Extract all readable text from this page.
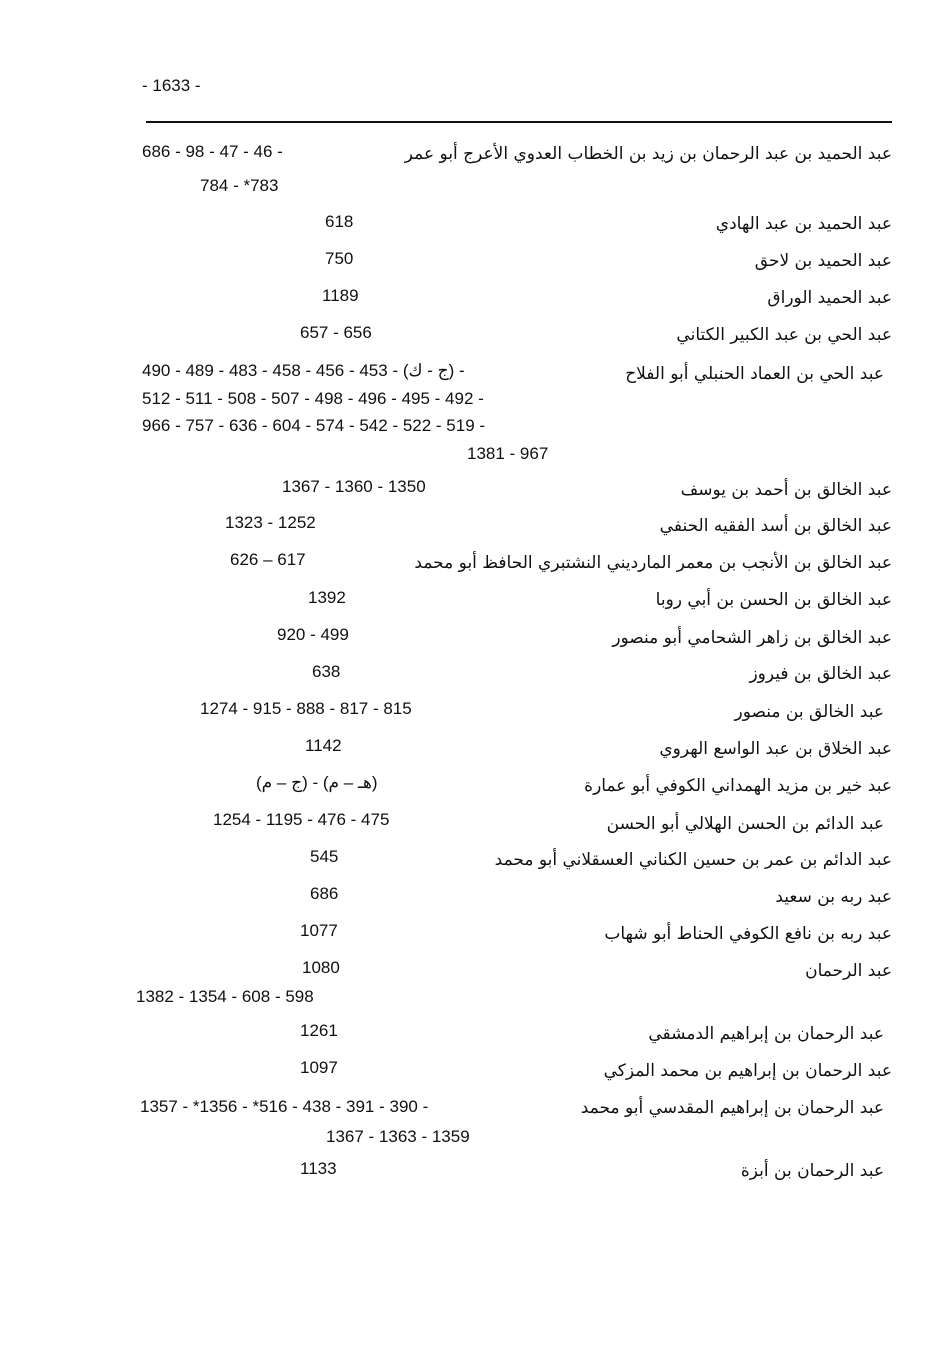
- 1633 -
عبد الحميد بن عبد الرحمان بن زيد بن الخطاب العدوي الأعرج أبو عمر
686 - 98 - 47 - 46 -
784 - *783
عبد الحميد بن عبد الهادي
618
عبد الحميد بن لاحق
750
عبد الحميد الوراق
1189
عبد الحي بن عبد الكبير الكتاني
657 - 656
عبد الحي بن العماد الحنبلي أبو الفلاح
490 - 489 - 483 - 458 - 456 - 453 - (ج - ك) -
512 - 511 - 508 - 507 - 498 - 496 - 495 - 492 -
966 - 757 - 636 - 604 - 574 - 542 - 522 - 519 -
1381 - 967
عبد الخالق بن أحمد بن يوسف
1367 - 1360 - 1350
عبد الخالق بن أسد الفقيه الحنفي
1323 - 1252
عبد الخالق بن الأنجب بن معمر المارديني النشتبري الحافظ أبو محمد
626 – 617
عبد الخالق بن الحسن بن أبي روبا
1392
عبد الخالق بن زاهر الشحامي أبو منصور
920 - 499
عبد الخالق بن فيروز
638
عبد الخالق بن منصور
1274 - 915 - 888 - 817 - 815
عبد الخلاق بن عبد الواسع الهروي
1142
عبد خير بن مزيد الهمداني الكوفي أبو عمارة
(ج – م) - (هـ – م)
عبد الدائم بن الحسن الهلالي أبو الحسن
1254 - 1195 - 476 - 475
عبد الدائم بن عمر بن حسين الكناني العسقلاني أبو محمد
545
عبد ربه بن سعيد
686
عبد ربه بن نافع الكوفي الحناط أبو شهاب
1077
عبد الرحمان
1080
1382 - 1354 - 608 - 598
عبد الرحمان بن إبراهيم الدمشقي
1261
عبد الرحمان بن إبراهيم بن محمد المزكي
1097
عبد الرحمان بن إبراهيم المقدسي أبو محمد
1357 - *1356 - *516 - 438 - 391 - 390 -
1367 - 1363 - 1359
عبد الرحمان بن أبزة
1133
